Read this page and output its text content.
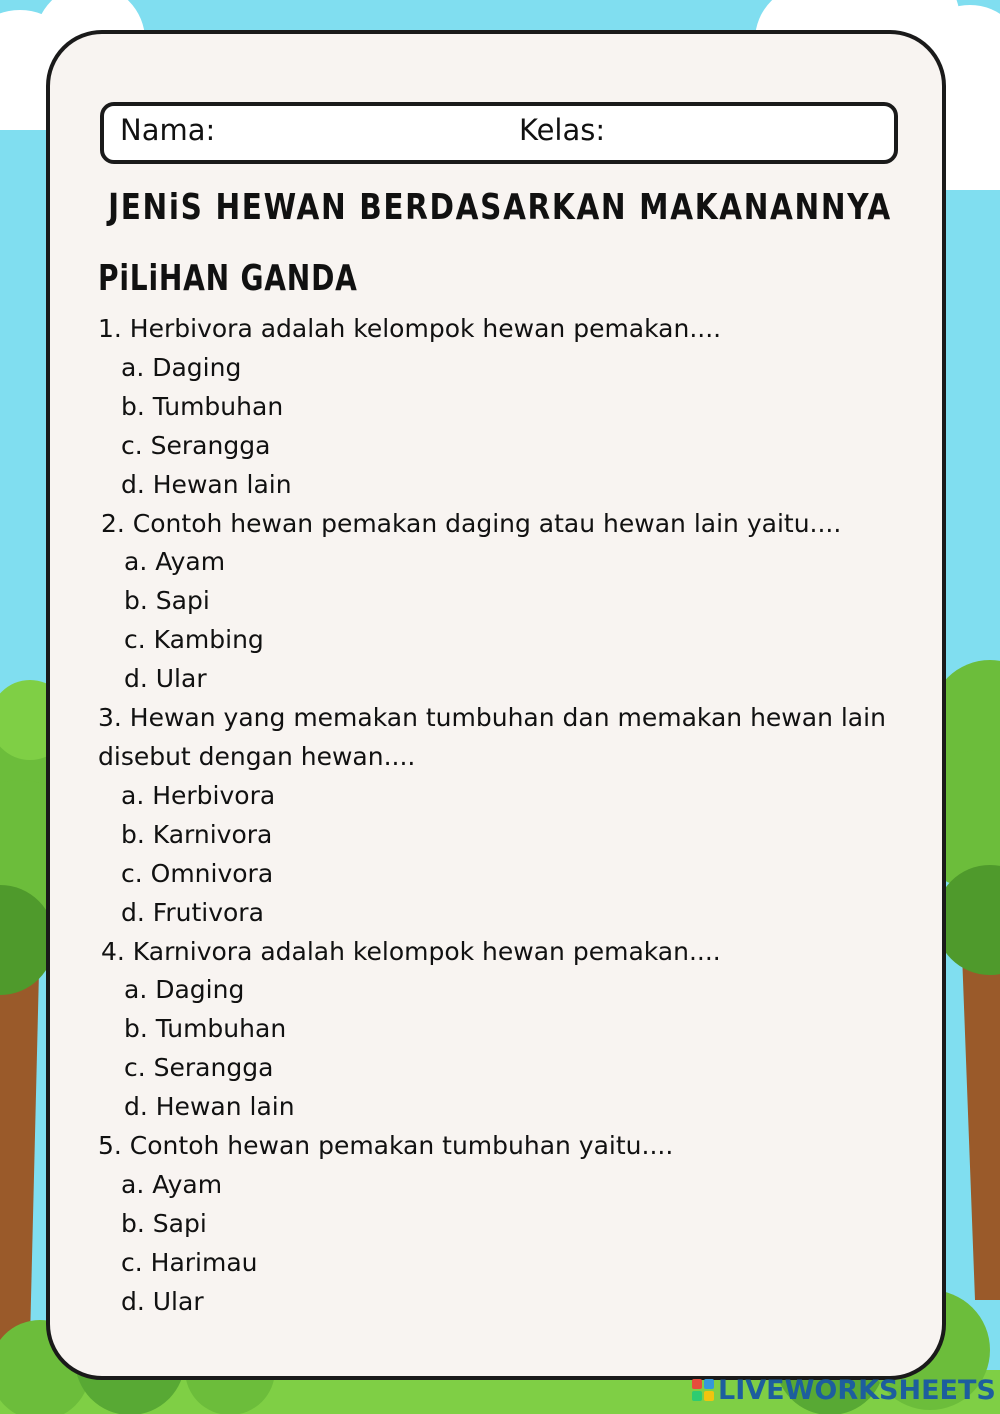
Nama:	Kelas:
JENiS HEWAN BERDASARKAN MAKANANNYA
PiLiHAN GANDA
1. Herbivora adalah kelompok hewan pemakan....
a. Daging
b. Tumbuhan
c. Serangga
d. Hewan lain
2. Contoh hewan pemakan daging atau hewan lain yaitu....
a. Ayam
b. Sapi
c. Kambing
d. Ular
3. Hewan yang memakan tumbuhan dan memakan hewan lain
disebut dengan hewan....
a. Herbivora
b. Karnivora
c. Omnivora
d. Frutivora
4. Karnivora adalah kelompok hewan pemakan....
a. Daging
b. Tumbuhan
c. Serangga
d. Hewan lain
5. Contoh hewan pemakan tumbuhan yaitu....
a. Ayam
b. Sapi
c. Harimau
d. Ular
LIVEWORKSHEETS
